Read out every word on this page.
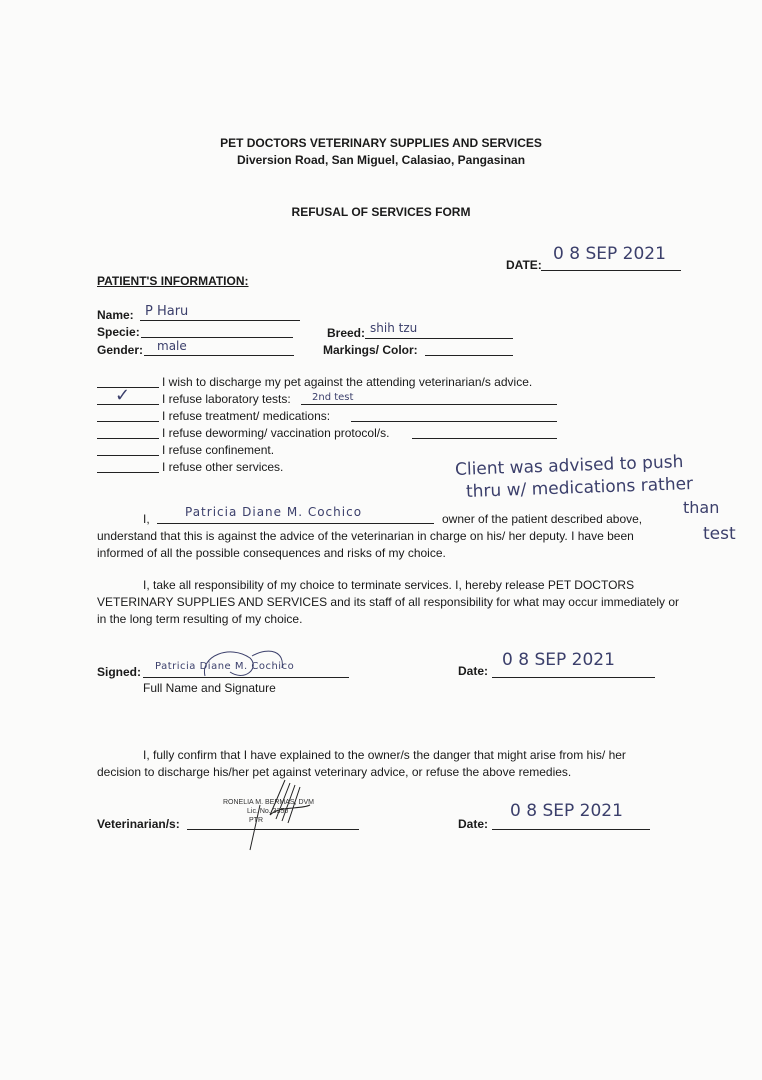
PET DOCTORS VETERINARY SUPPLIES AND SERVICES
Diversion Road, San Miguel, Calasiao, Pangasinan
REFUSAL OF SERVICES FORM
DATE:
0 8 SEP 2021
PATIENT'S INFORMATION:
Name: P Haru
Specie:
Gender: male
Breed: shih tzu
Markings/ Color:
I wish to discharge my pet against the attending veterinarian/s advice.
✓	I refuse laboratory tests: 2nd test
I refuse treatment/ medications:
I refuse deworming/ vaccination protocol/s.
I refuse confinement.
I refuse other services.	Client was advised to push
thru w/ medications rather
than
test
I,	Patricia Diane M. Cochico	owner of the patient described above,
understand that this is against the advice of the veterinarian in charge on his/ her deputy. I have been
informed of all the possible consequences and risks of my choice.
I, take all responsibility of my choice to terminate services. I, hereby release PET DOCTORS
VETERINARY SUPPLIES AND SERVICES and its staff of all responsibility for what may occur immediately or
in the long term resulting of my choice.
Signed: Patricia Diane M. Cochico
Full Name and Signature
Date:
0 8 SEP 2021
I, fully confirm that I have explained to the owner/s the danger that might arise from his/ her
decision to discharge his/her pet against veterinary advice, or refuse the above remedies.
Veterinarian/s:
RONELIA M. BERMAS, DVM
Lic. No. 3350
PTR	Date:
0 8 SEP 2021
